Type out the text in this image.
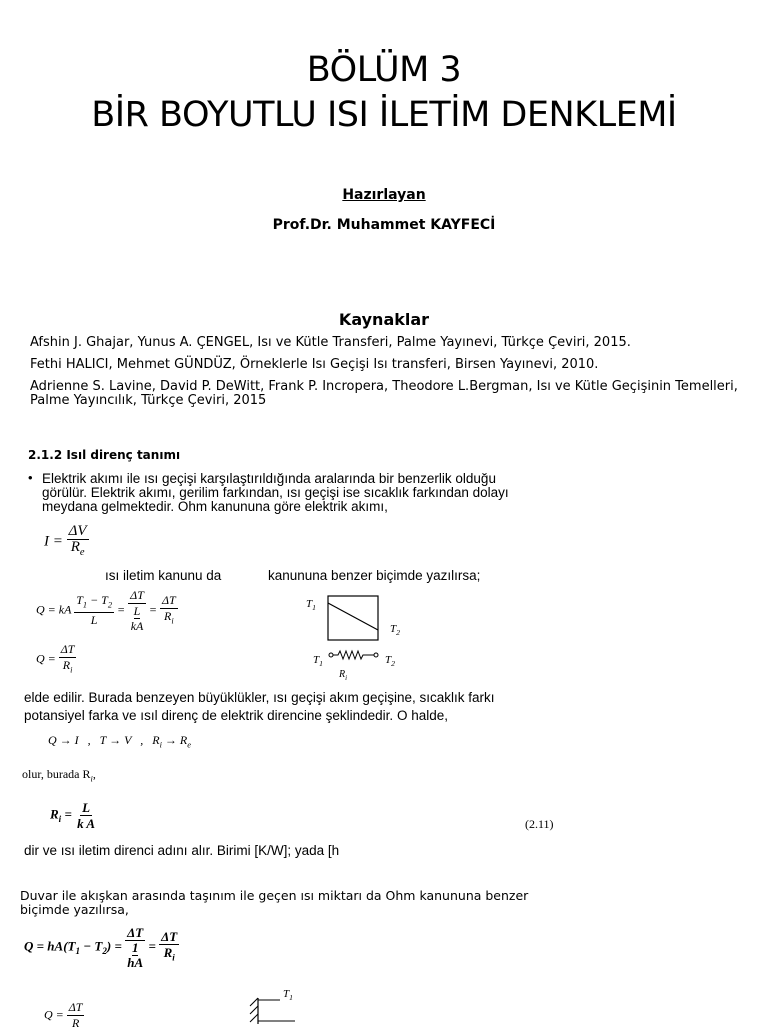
BÖLÜM 3
BİR BOYUTLU ISI İLETİM DENKLEMİ
Hazırlayan
Prof.Dr. Muhammet KAYFECİ
Kaynaklar
Afshin J. Ghajar, Yunus A. ÇENGEL, Isı ve Kütle Transferi, Palme Yayınevi, Türkçe Çeviri, 2015.
Fethi HALICI, Mehmet GÜNDÜZ, Örneklerle Isı Geçişi Isı transferi, Birsen Yayınevi, 2010.
Adrienne S. Lavine, David P. DeWitt, Frank P. Incropera, Theodore L.Bergman, Isı ve Kütle Geçişinin Temelleri,
Palme Yayıncılık, Türkçe Çeviri, 2015
2.1.2 Isıl direnç tanımı
• Elektrik akımı ile ısı geçişi karşılaştırıldığında aralarında bir benzerlik olduğu
görülür. Elektrik akımı, gerilim farkından, ısı geçişi ise sıcaklık farkından dolayı
meydana gelmektedir. Ohm kanununa göre elektrik akımı,
$I = \frac{\Delta V}{R_e}$
ısı iletim kanunu da	kanununa benzer biçimde yazılırsa;
Q = kA $\frac{T_1 - T_2}{L} = \Delta T$
L
kA = $\frac{\Delta T}{R_i}$
$Q = \frac{\Delta T}{R_i}$
$T_1$
$T_2$
$T_1$	$T_2$
$R_i$
elde edilir. Burada benzeyen büyüklükler, ısı geçişi akım geçişine, sıcaklık farkı
potansiyel farka ve ısıl direnç de elektrik direncine şeklindedir. O halde,
Q → I   ,   T → V   ,   $R_i \to R_e$
olur, burada $R_i$,
$R_i = \frac{L}{\text{k A}}$	(2.11)
dir ve ısı iletim direnci adını alır. Birimi [K/W]; yada [h
Duvar ile akışkan arasında taşınım ile geçen ısı miktarı da Ohm kanununa benzer
biçimde yazılırsa,
$Q = hA(T_1 - T_2) = \Delta T$
1
hA = $\frac{\Delta T}{R_i}$
$Q = \frac{\Delta T}{R}$
$T_1$
